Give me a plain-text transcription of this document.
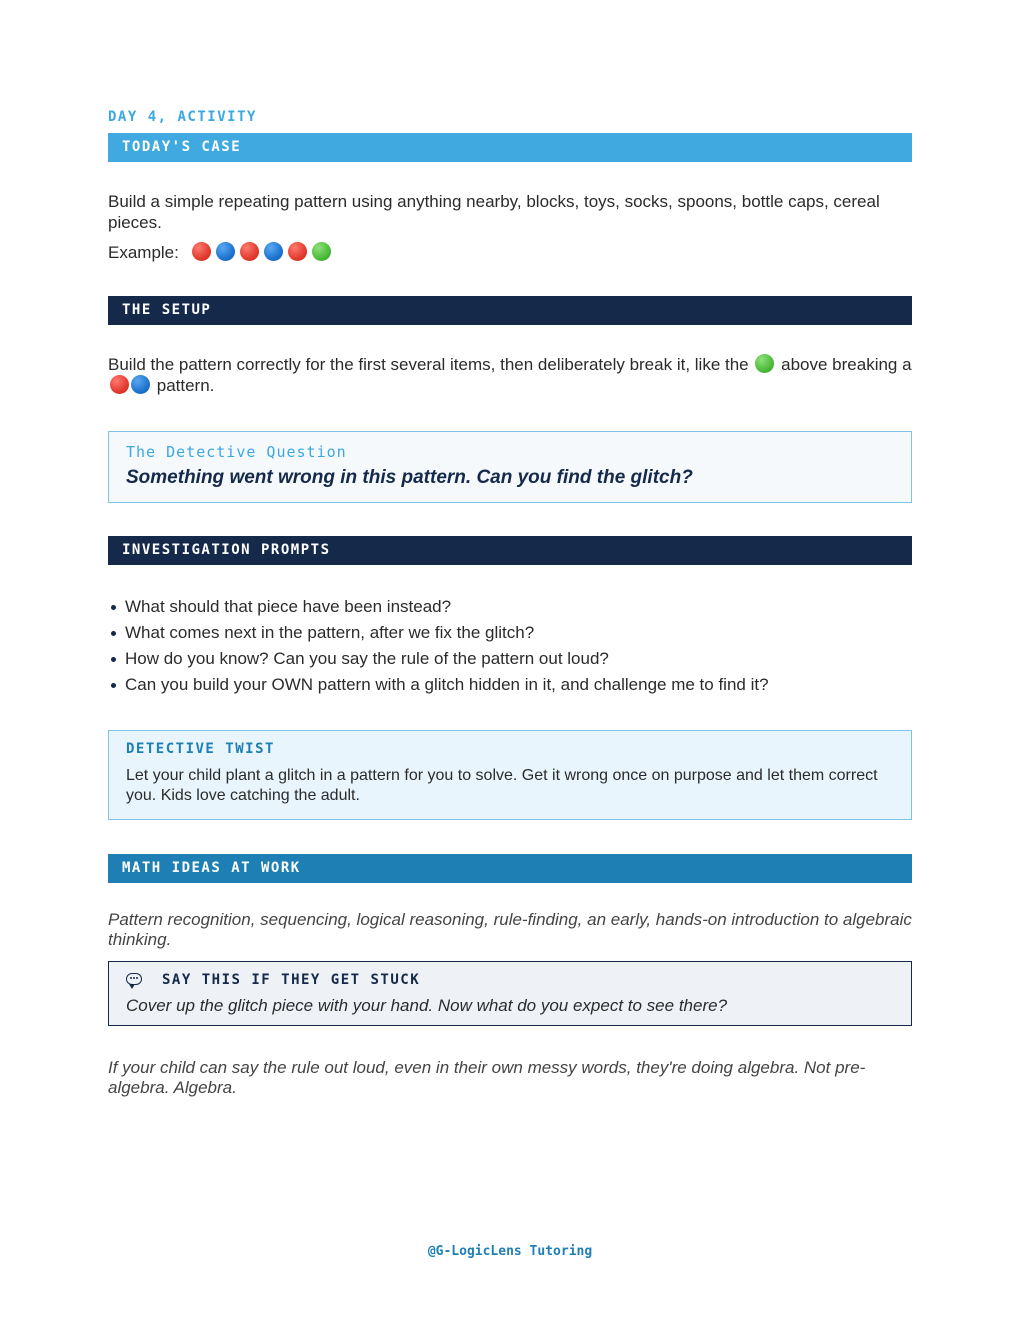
DAY 4, ACTIVITY
TODAY'S CASE
Build a simple repeating pattern using anything nearby, blocks, toys, socks, spoons, bottle caps, cereal pieces.
Example:
THE SETUP
Build the pattern correctly for the first several items, then deliberately break it, like the above breaking a  pattern.
The Detective Question
Something went wrong in this pattern. Can you find the glitch?
INVESTIGATION PROMPTS
What should that piece have been instead?
What comes next in the pattern, after we fix the glitch?
How do you know? Can you say the rule of the pattern out loud?
Can you build your OWN pattern with a glitch hidden in it, and challenge me to find it?
DETECTIVE TWIST
Let your child plant a glitch in a pattern for you to solve. Get it wrong once on purpose and let them correct you. Kids love catching the adult.
MATH IDEAS AT WORK
Pattern recognition, sequencing, logical reasoning, rule-finding, an early, hands-on introduction to algebraic thinking.
SAY THIS IF THEY GET STUCK
Cover up the glitch piece with your hand. Now what do you expect to see there?
If your child can say the rule out loud, even in their own messy words, they're doing algebra. Not pre-algebra. Algebra.
@G-LogicLens Tutoring
